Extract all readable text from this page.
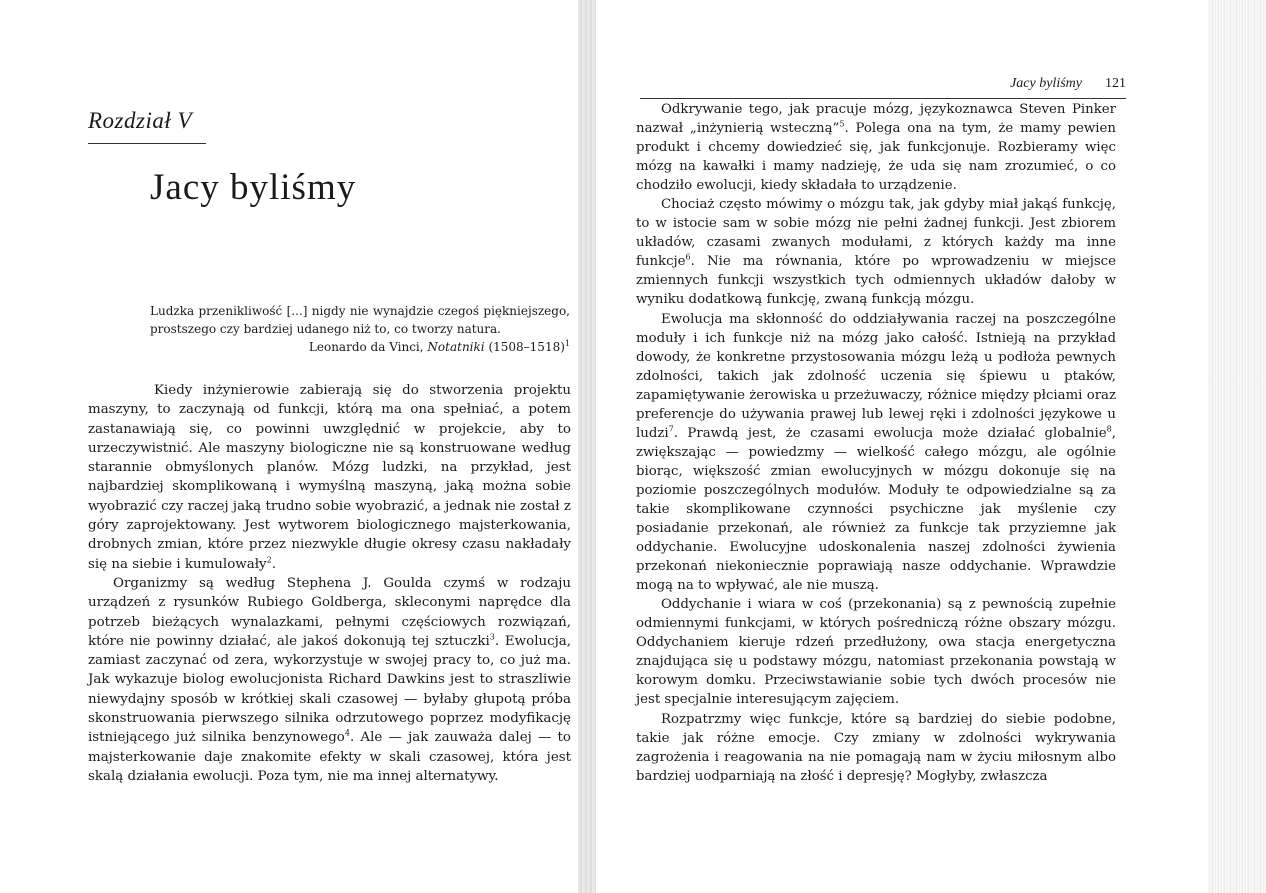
Rozdział V
Jacy byliśmy
Ludzka przenikliwość [...] nigdy nie wynajdzie czegoś piękniejszego, prostszego czy bardziej udanego niż to, co tworzy natura.
Leonardo da Vinci, Notatniki (1508–1518)$^1$

Kiedy inżynierowie zabierają się do stworzenia projektu maszyny, to zaczynają od funkcji, którą ma ona spełniać, a potem zastanawiają się, co powinni uwzględnić w projekcie, aby to urzeczywistnić. Ale maszyny biologiczne nie są konstruowane według starannie obmyślonych planów. Mózg ludzki, na przykład, jest najbardziej skomplikowaną i wymyślną maszyną, jaką można sobie wyobrazić czy raczej jaką trudno sobie wyobrazić, a jednak nie został z góry zaprojektowany. Jest wytworem biologicznego majsterkowania, drobnych zmian, które przez niezwykle długie okresy czasu nakładały się na siebie i kumulowały$^2$.

Organizmy są według Stephena J. Goulda czymś w rodzaju urządzeń z rysunków Rubiego Goldberga, skleconymi naprędce dla potrzeb bieżących wynalazkami, pełnymi częściowych rozwiązań, które nie powinny działać, ale jakoś dokonują tej sztuczki$^3$. Ewolucja, zamiast zaczynać od zera, wykorzystuje w swojej pracy to, co już ma. Jak wykazuje biolog ewolucjonista Richard Dawkins jest to straszliwie niewydajny sposób w krótkiej skali czasowej — byłaby głupotą próba skonstruowania pierwszego silnika odrzutowego poprzez modyfikację istniejącego już silnika benzynowego$^4$. Ale — jak zauważa dalej — to majsterkowanie daje znakomite efekty w skali czasowej, która jest skalą działania ewolucji. Poza tym, nie ma innej alternatywy.

Jacy byliśmy 121

Odkrywanie tego, jak pracuje mózg, językoznawca Steven Pinker nazwał „inżynierią wsteczną”$^5$. Polega ona na tym, że mamy pewien produkt i chcemy dowiedzieć się, jak funkcjonuje. Rozbieramy więc mózg na kawałki i mamy nadzieję, że uda się nam zrozumieć, o co chodziło ewolucji, kiedy składała to urządzenie.

Chociaż często mówimy o mózgu tak, jak gdyby miał jakąś funkcję, to w istocie sam w sobie mózg nie pełni żadnej funkcji. Jest zbiorem układów, czasami zwanych modułami, z których każdy ma inne funkcje$^6$. Nie ma równania, które po wprowadzeniu w miejsce zmiennych funkcji wszystkich tych odmiennych układów dałoby w wyniku dodatkową funkcję, zwaną funkcją mózgu.

Ewolucja ma skłonność do oddziaływania raczej na poszczególne moduły i ich funkcje niż na mózg jako całość. Istnieją na przykład dowody, że konkretne przystosowania mózgu leżą u podłoża pewnych zdolności, takich jak zdolność uczenia się śpiewu u ptaków, zapamiętywanie żerowiska u przeżuwaczy, różnice między płciami oraz preferencje do używania prawej lub lewej ręki i zdolności językowe u ludzi$^7$. Prawdą jest, że czasami ewolucja może działać globalnie$^8$, zwiększając — powiedzmy — wielkość całego mózgu, ale ogólnie biorąc, większość zmian ewolucyjnych w mózgu dokonuje się na poziomie poszczególnych modułów. Moduły te odpowiedzialne są za takie skomplikowane czynności psychiczne jak myślenie czy posiadanie przekonań, ale również za funkcje tak przyziemne jak oddychanie. Ewolucyjne udoskonalenia naszej zdolności żywienia przekonań niekoniecznie poprawiają nasze oddychanie. Wprawdzie mogą na to wpływać, ale nie muszą.

Oddychanie i wiara w coś (przekonania) są z pewnością zupełnie odmiennymi funkcjami, w których pośredniczą różne obszary mózgu. Oddychaniem kieruje rdzeń przedłużony, owa stacja energetyczna znajdująca się u podstawy mózgu, natomiast przekonania powstają w korowym domku. Przeciwstawianie sobie tych dwóch procesów nie jest specjalnie interesującym zajęciem.

Rozpatrzmy więc funkcje, które są bardziej do siebie podobne, takie jak różne emocje. Czy zmiany w zdolności wykrywania zagrożenia i reagowania na nie pomagają nam w życiu miłosnym albo bardziej uodparniają na złość i depresję? Mogłyby, zwłaszcza
